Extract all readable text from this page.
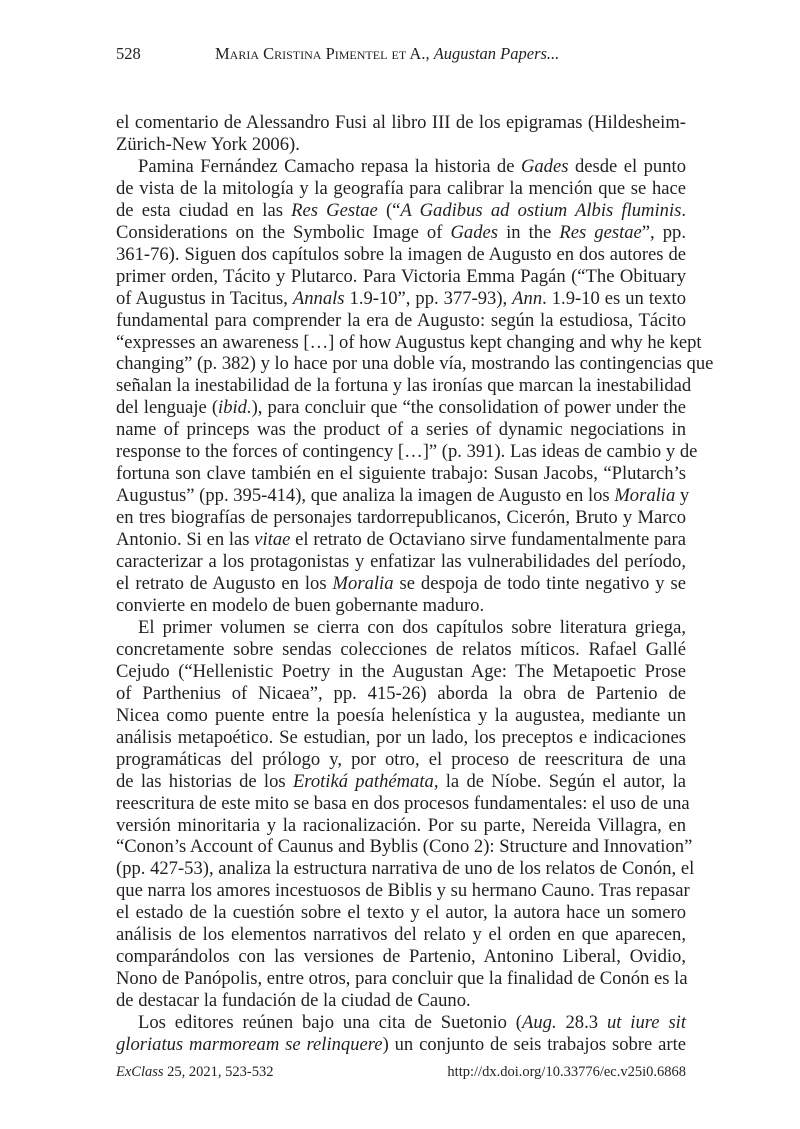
528	Maria Cristina Pimentel et A., Augustan Papers...

el comentario de Alessandro Fusi al libro III de los epigramas (Hildesheim-
Zürich-New York 2006).

Pamina Fernández Camacho repasa la historia de Gades desde el punto
de vista de la mitología y la geografía para calibrar la mención que se hace
de esta ciudad en las Res Gestae (“A Gadibus ad ostium Albis fluminis.
Considerations on the Symbolic Image of Gades in the Res gestae”, pp.
361-76). Siguen dos capítulos sobre la imagen de Augusto en dos autores de
primer orden, Tácito y Plutarco. Para Victoria Emma Pagán (“The Obituary
of Augustus in Tacitus, Annals 1.9-10”, pp. 377-93), Ann. 1.9-10 es un texto
fundamental para comprender la era de Augusto: según la estudiosa, Tácito
“expresses an awareness […] of how Augustus kept changing and why he kept
changing” (p. 382) y lo hace por una doble vía, mostrando las contingencias que
señalan la inestabilidad de la fortuna y las ironías que marcan la inestabilidad
del lenguaje (ibid.), para concluir que “the consolidation of power under the
name of princeps was the product of a series of dynamic negociations in
response to the forces of contingency […]” (p. 391). Las ideas de cambio y de
fortuna son clave también en el siguiente trabajo: Susan Jacobs, “Plutarch’s
Augustus” (pp. 395-414), que analiza la imagen de Augusto en los Moralia y
en tres biografías de personajes tardorrepublicanos, Cicerón, Bruto y Marco
Antonio. Si en las vitae el retrato de Octaviano sirve fundamentalmente para
caracterizar a los protagonistas y enfatizar las vulnerabilidades del período,
el retrato de Augusto en los Moralia se despoja de todo tinte negativo y se
convierte en modelo de buen gobernante maduro.

El primer volumen se cierra con dos capítulos sobre literatura griega,
concretamente sobre sendas colecciones de relatos míticos. Rafael Gallé
Cejudo (“Hellenistic Poetry in the Augustan Age: The Metapoetic Prose
of Parthenius of Nicaea”, pp. 415-26) aborda la obra de Partenio de
Nicea como puente entre la poesía helenística y la augustea, mediante un
análisis metapoético. Se estudian, por un lado, los preceptos e indicaciones
programáticas del prólogo y, por otro, el proceso de reescritura de una
de las historias de los Erotiká pathémata, la de Níobe. Según el autor, la
reescritura de este mito se basa en dos procesos fundamentales: el uso de una
versión minoritaria y la racionalización. Por su parte, Nereida Villagra, en
“Conon’s Account of Caunus and Byblis (Cono 2): Structure and Innovation”
(pp. 427-53), analiza la estructura narrativa de uno de los relatos de Conón, el
que narra los amores incestuosos de Biblis y su hermano Cauno. Tras repasar
el estado de la cuestión sobre el texto y el autor, la autora hace un somero
análisis de los elementos narrativos del relato y el orden en que aparecen,
comparándolos con las versiones de Partenio, Antonino Liberal, Ovidio,
Nono de Panópolis, entre otros, para concluir que la finalidad de Conón es la
de destacar la fundación de la ciudad de Cauno.

Los editores reúnen bajo una cita de Suetonio (Aug. 28.3 ut iure sit
gloriatus marmoream se relinquere) un conjunto de seis trabajos sobre arte

ExClass 25, 2021, 523-532	http://dx.doi.org/10.33776/ec.v25i0.6868
